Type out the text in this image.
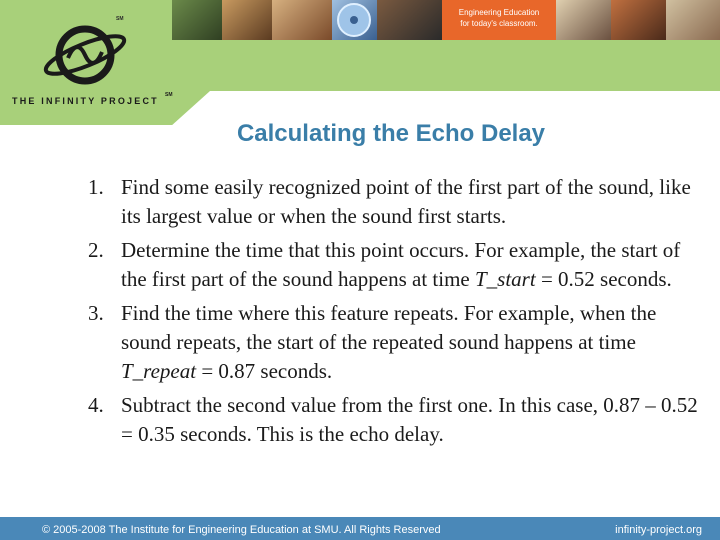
Engineering Education
for today's classroom.
SM
THE INFINITY PROJECT
SM
Calculating the Echo Delay
1. Find some easily recognized point of the first part of the sound, like its largest value or when the sound first starts.
2. Determine the time that this point occurs. For example, the start of the first part of the sound happens at time T_start = 0.52 seconds.
3. Find the time where this feature repeats. For example, when the sound repeats, the start of the repeated sound happens at time T_repeat = 0.87 seconds.
4. Subtract the second value from the first one. In this case, 0.87 – 0.52 = 0.35 seconds. This is the echo delay.
© 2005-2008 The Institute for Engineering Education at SMU. All Rights Reserved	infinity-project.org
